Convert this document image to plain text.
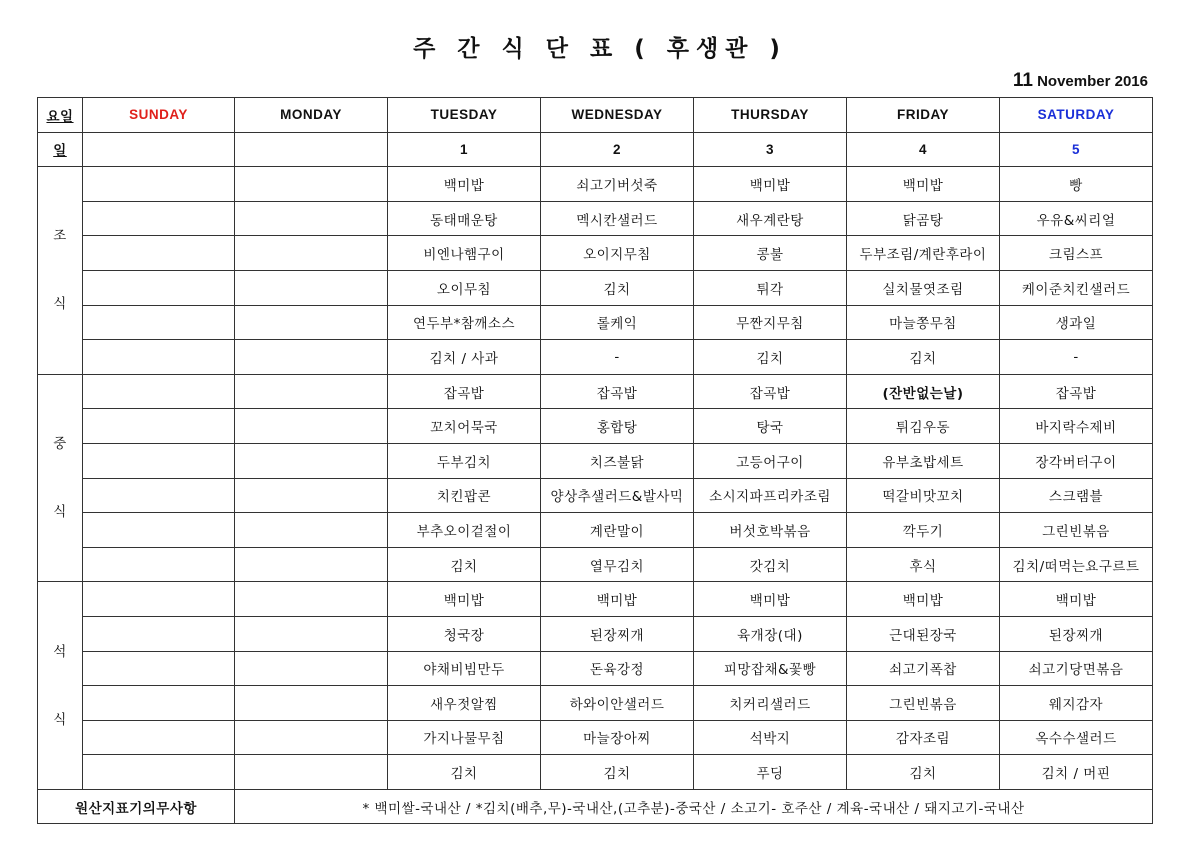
주 간 식 단 표 ( 후생관 )
11 November 2016
요일	SUNDAY	MONDAY	TUESDAY	WEDNESDAY	THURSDAY	FRIDAY	SATURDAY
일			1	2	3	4	5
조

식			백미밥	쇠고기버섯죽	백미밥	백미밥	빵
			동태매운탕	멕시칸샐러드	새우계란탕	닭곰탕	우유&씨리얼
			비엔나햄구이	오이지무침	콩불	두부조림/계란후라이	크림스프
			오이무침	김치	튀각	실치물엿조림	케이준치킨샐러드
			연두부*참깨소스	롤케익	무짠지무침	마늘쫑무침	생과일
			김치 / 사과	-	김치	김치	-
중

식			잡곡밥	잡곡밥	잡곡밥	(잔반없는날)	잡곡밥
			꼬치어묵국	홍합탕	탕국	튀김우동	바지락수제비
			두부김치	치즈불닭	고등어구이	유부초밥세트	장각버터구이
			치킨팝콘	양상추샐러드&발사믹	소시지파프리카조림	떡갈비맛꼬치	스크램블
			부추오이겉절이	계란말이	버섯호박볶음	깍두기	그린빈볶음
			김치	열무김치	갓김치	후식	김치/떠먹는요구르트
석

식			백미밥	백미밥	백미밥	백미밥	백미밥
			청국장	된장찌개	육개장(대)	근대된장국	된장찌개
			야채비빔만두	돈육강정	피망잡채&꽃빵	쇠고기폭찹	쇠고기당면볶음
			새우젓알찜	하와이안샐러드	치커리샐러드	그린빈볶음	웨지감자
			가지나물무침	마늘장아찌	석박지	감자조림	옥수수샐러드
			김치	김치	푸딩	김치	김치 / 머핀
원산지표기의무사항		* 백미쌀-국내산 / *김치(배추,무)-국내산,(고추분)-중국산 / 소고기- 호주산 / 계육-국내산 / 돼지고기-국내산					
